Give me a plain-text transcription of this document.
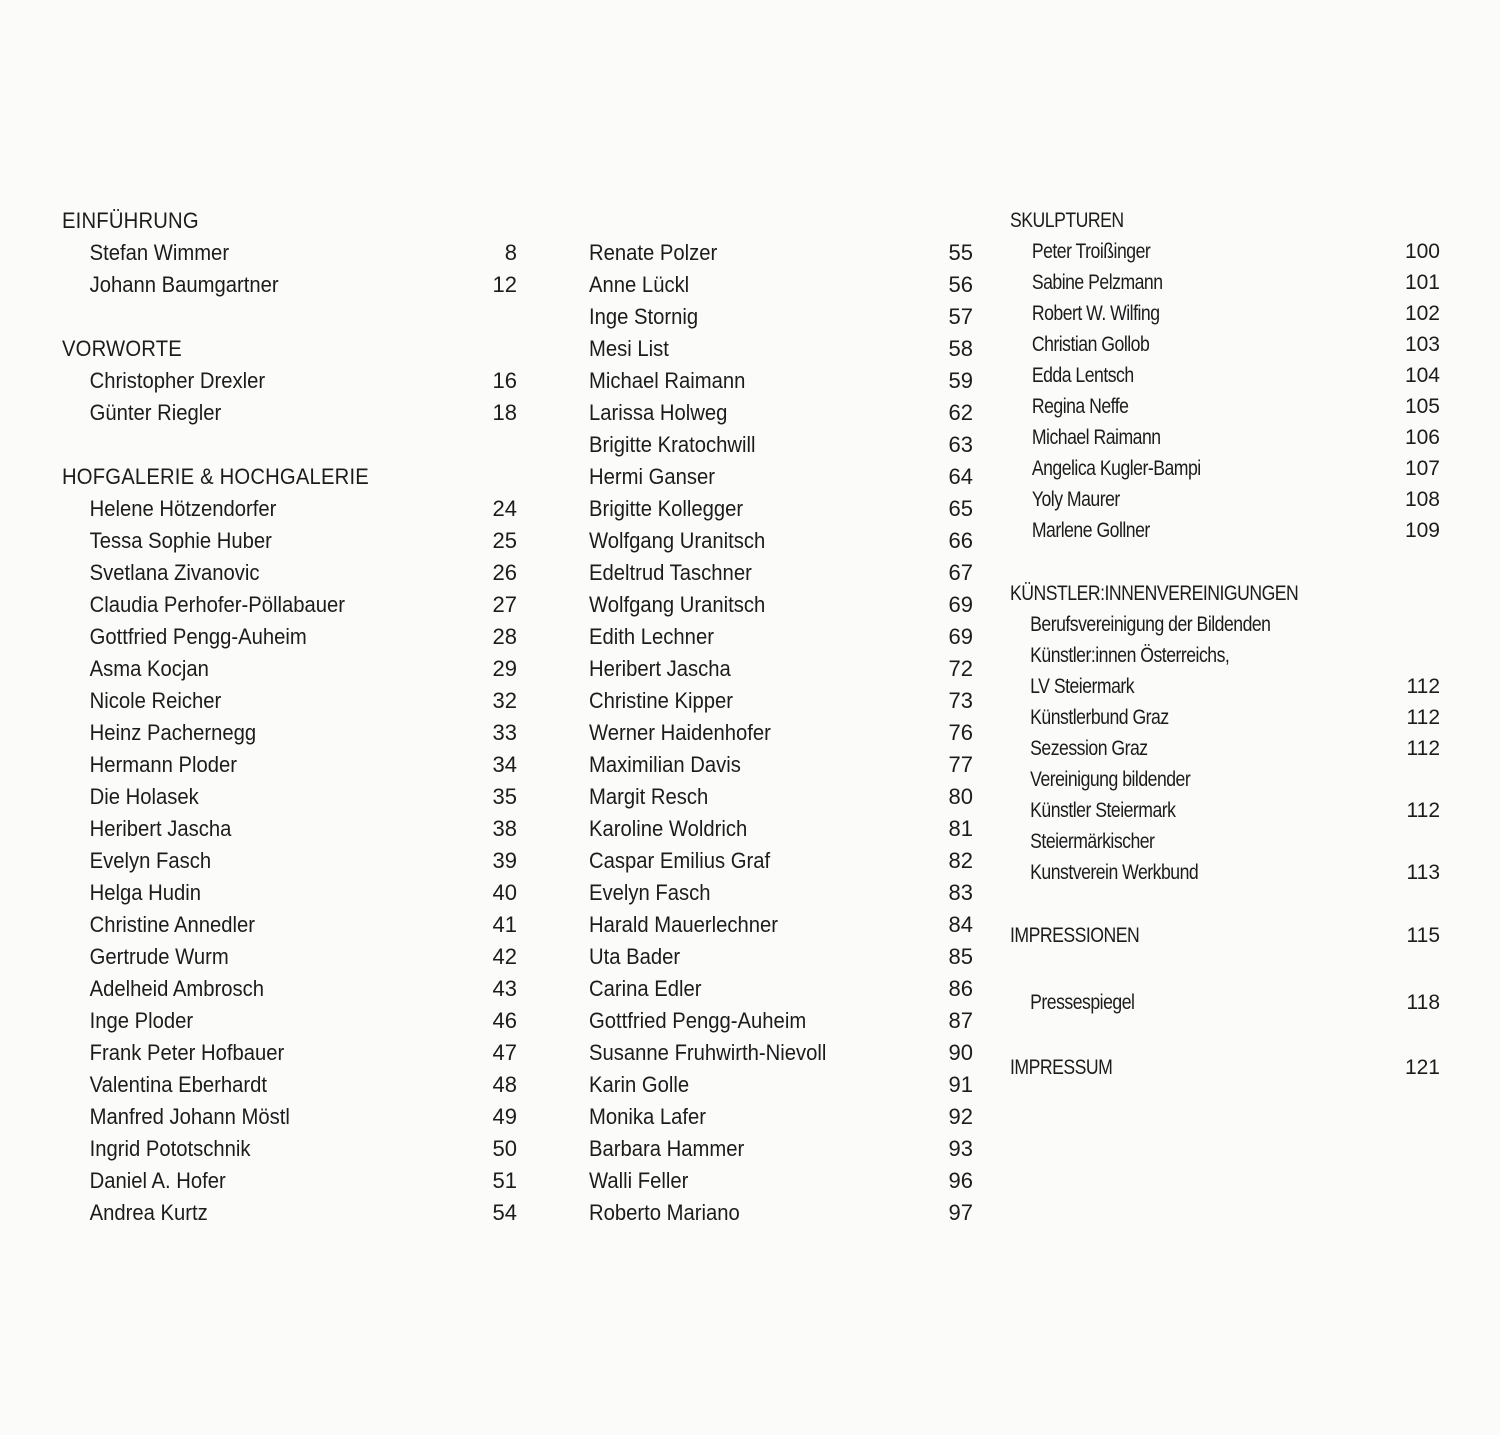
EINFÜHRUNG
Stefan Wimmer	8
Johann Baumgartner	12
VORWORTE
Christopher Drexler	16
Günter Riegler	18
HOFGALERIE & HOCHGALERIE
Helene Hötzendorfer	24
Tessa Sophie Huber	25
Svetlana Zivanovic	26
Claudia Perhofer-Pöllabauer	27
Gottfried Pengg-Auheim	28
Asma Kocjan	29
Nicole Reicher	32
Heinz Pachernegg	33
Hermann Ploder	34
Die Holasek	35
Heribert Jascha	38
Evelyn Fasch	39
Helga Hudin	40
Christine Annedler	41
Gertrude Wurm	42
Adelheid Ambrosch	43
Inge Ploder	46
Frank Peter Hofbauer	47
Valentina Eberhardt	48
Manfred Johann Möstl	49
Ingrid Pototschnik	50
Daniel A. Hofer	51
Andrea Kurtz	54
Renate Polzer	55
Anne Lückl	56
Inge Stornig	57
Mesi List	58
Michael Raimann	59
Larissa Holweg	62
Brigitte Kratochwill	63
Hermi Ganser	64
Brigitte Kollegger	65
Wolfgang Uranitsch	66
Edeltrud Taschner	67
Wolfgang Uranitsch	69
Edith Lechner	69
Heribert Jascha	72
Christine Kipper	73
Werner Haidenhofer	76
Maximilian Davis	77
Margit Resch	80
Karoline Woldrich	81
Caspar Emilius Graf	82
Evelyn Fasch	83
Harald Mauerlechner	84
Uta Bader	85
Carina Edler	86
Gottfried Pengg-Auheim	87
Susanne Fruhwirth-Nievoll	90
Karin Golle	91
Monika Lafer	92
Barbara Hammer	93
Walli Feller	96
Roberto Mariano	97
SKULPTUREN
Peter Troißinger	100
Sabine Pelzmann	101
Robert W. Wilfing	102
Christian Gollob	103
Edda Lentsch	104
Regina Neffe	105
Michael Raimann	106
Angelica Kugler-Bampi	107
Yoly Maurer	108
Marlene Gollner	109
KÜNSTLER:INNENVEREINIGUNGEN
Berufsvereinigung der Bildenden
Künstler:innen Österreichs,
LV Steiermark	112
Künstlerbund Graz	112
Sezession Graz	112
Vereinigung bildender
Künstler Steiermark	112
Steiermärkischer
Kunstverein Werkbund	113
IMPRESSIONEN	115
Pressespiegel	118
IMPRESSUM	121
